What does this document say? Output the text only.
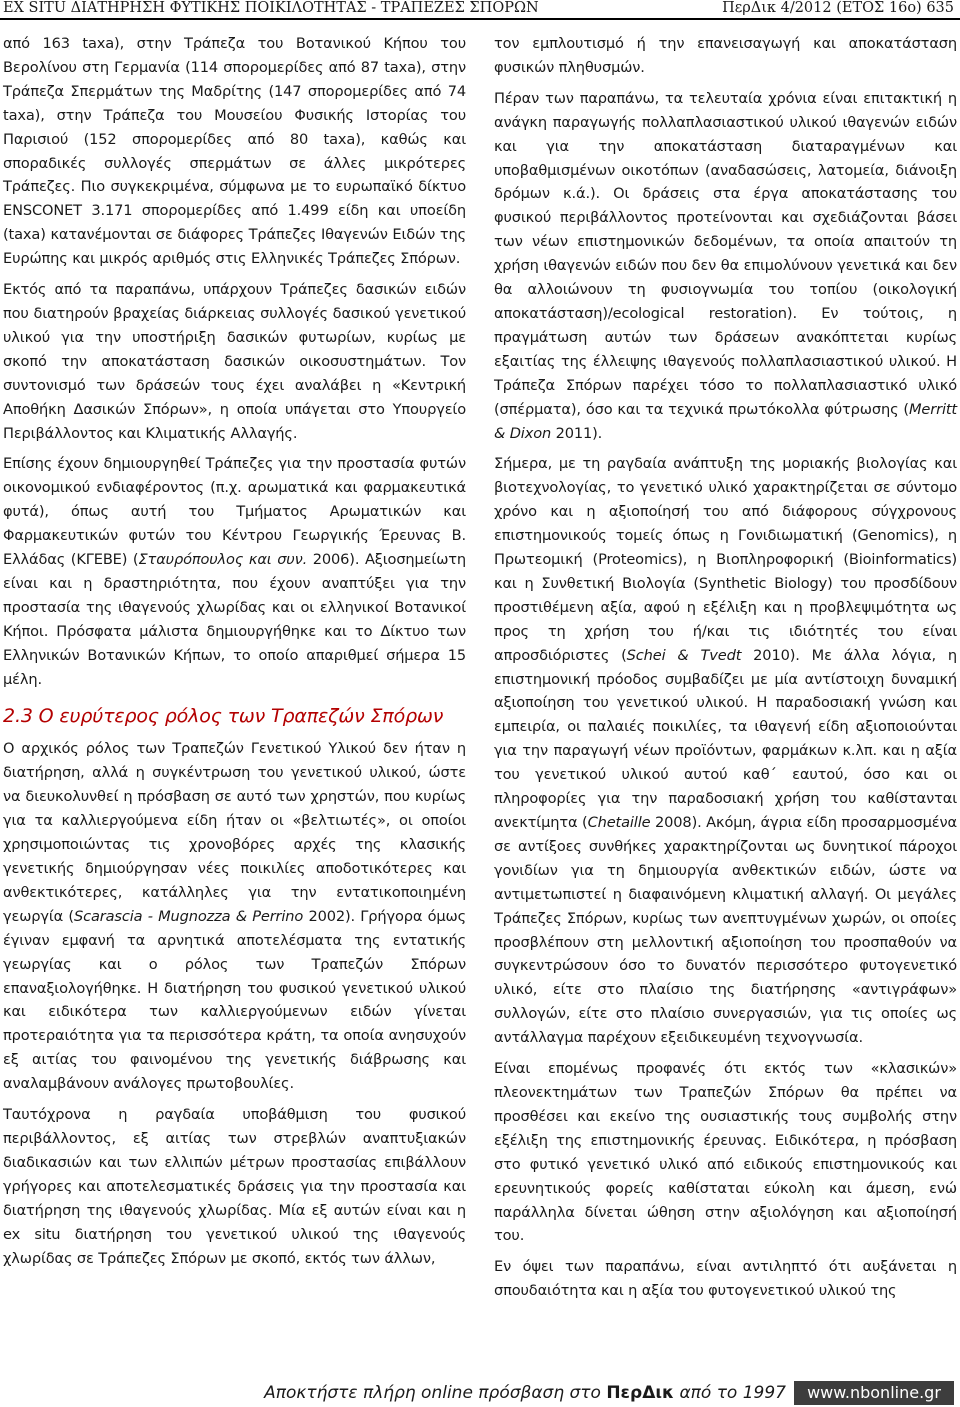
ΕΧ SITU ΔΙΑΤΗΡΗΣΗ ΦΥΤΙΚΗΣ ΠΟΙΚΙΛΟΤΗΤΑΣ - ΤΡΑΠΕΖΕΣ ΣΠΟΡΩΝ	ΠερΔικ 4/2012 (ΕΤΟΣ 16ο) 635

από 163 taxa), στην Τράπεζα του Βοτανικού Κήπου του Βερολίνου στη Γερμανία (114 σπορομερίδες από 87 taxa), στην Τράπεζα Σπερμάτων της Μαδρίτης (147 σπορομερίδες από 74 taxa), στην Τράπεζα του Μουσείου Φυσικής Ιστορίας του Παρισιού (152 σπορομερίδες από 80 taxa), καθώς και σποραδικές συλλογές σπερμάτων σε άλλες μικρότερες Τράπεζες. Πιο συγκεκριμένα, σύμφωνα με το ευρωπαϊκό δίκτυο ENSCONET 3.171 σπορομερίδες από 1.499 είδη και υποείδη (taxa) κατανέμονται σε διάφορες Τράπεζες Ιθαγενών Ειδών της Ευρώπης και μικρός αριθμός στις Ελληνικές Τράπεζες Σπόρων.

Εκτός από τα παραπάνω, υπάρχουν Τράπεζες δασικών ειδών που διατηρούν βραχείας διάρκειας συλλογές δασικού γενετικού υλικού για την υποστήριξη δασικών φυτωρίων, κυρίως με σκοπό την αποκατάσταση δασικών οικοσυστημάτων. Τον συντονισμό των δράσεών τους έχει αναλάβει η «Κεντρική Αποθήκη Δασικών Σπόρων», η οποία υπάγεται στο Υπουργείο Περιβάλλοντος και Κλιματικής Αλλαγής.

Επίσης έχουν δημιουργηθεί Τράπεζες για την προστασία φυτών οικονομικού ενδιαφέροντος (π.χ. αρωματικά και φαρμακευτικά φυτά), όπως αυτή του Τμήματος Αρωματικών και Φαρμακευτικών φυτών του Κέντρου Γεωργικής Έρευνας Β. Ελλάδας (ΚΓΕΒΕ) (Σταυρόπουλος και συν. 2006). Αξιοσημείωτη είναι και η δραστηριότητα, που έχουν αναπτύξει για την προστασία της ιθαγενούς χλωρίδας και οι ελληνικοί Βοτανικοί Κήποι. Πρόσφατα μάλιστα δημιουργήθηκε και το Δίκτυο των Ελληνικών Βοτανικών Κήπων, το οποίο απαριθμεί σήμερα 15 μέλη.

2.3 Ο ευρύτερος ρόλος των Τραπεζών Σπόρων

Ο αρχικός ρόλος των Τραπεζών Γενετικού Υλικού δεν ήταν η διατήρηση, αλλά η συγκέντρωση του γενετικού υλικού, ώστε να διευκολυνθεί η πρόσβαση σε αυτό των χρηστών, που κυρίως για τα καλλιεργούμενα είδη ήταν οι «βελτιωτές», οι οποίοι χρησιμοποιώντας τις χρονοβόρες αρχές της κλασικής γενετικής δημιούργησαν νέες ποικιλίες αποδοτικότερες και ανθεκτικότερες, κατάλληλες για την εντατικοποιημένη γεωργία (Scarascia - Mugnozza & Perrino 2002). Γρήγορα όμως έγιναν εμφανή τα αρνητικά αποτελέσματα της εντατικής γεωργίας και ο ρόλος των Τραπεζών Σπόρων επαναξιολογήθηκε. Η διατήρηση του φυσικού γενετικού υλικού και ειδικότερα των καλλιεργούμενων ειδών γίνεται προτεραιότητα για τα περισσότερα κράτη, τα οποία ανησυχούν εξ αιτίας του φαινομένου της γενετικής διάβρωσης και αναλαμβάνουν ανάλογες πρωτοβουλίες.

Ταυτόχρονα η ραγδαία υποβάθμιση του φυσικού περιβάλλοντος, εξ αιτίας των στρεβλών αναπτυξιακών διαδικασιών και των ελλιπών μέτρων προστασίας επιβάλλουν γρήγορες και αποτελεσματικές δράσεις για την προστασία και διατήρηση της ιθαγενούς χλωρίδας. Μία εξ αυτών είναι και η ex situ διατήρηση του γενετικού υλικού της ιθαγενούς χλωρίδας σε Τράπεζες Σπόρων με σκοπό, εκτός των άλλων,

τον εμπλουτισμό ή την επανεισαγωγή και αποκατάσταση φυσικών πληθυσμών.

Πέραν των παραπάνω, τα τελευταία χρόνια είναι επιτακτική η ανάγκη παραγωγής πολλαπλασιαστικού υλικού ιθαγενών ειδών και για την αποκατάσταση διαταραγμένων και υποβαθμισμένων οικοτόπων (αναδασώσεις, λατομεία, διάνοιξη δρόμων κ.ά.). Οι δράσεις στα έργα αποκατάστασης του φυσικού περιβάλλοντος προτείνονται και σχεδιάζονται βάσει των νέων επιστημονικών δεδομένων, τα οποία απαιτούν τη χρήση ιθαγενών ειδών που δεν θα επιμολύνουν γενετικά και δεν θα αλλοιώνουν τη φυσιογνωμία του τοπίου (οικολογική αποκατάσταση)/ecological restoration). Εν τούτοις, η πραγμάτωση αυτών των δράσεων ανακόπτεται κυρίως εξαιτίας της έλλειψης ιθαγενούς πολλαπλασιαστικού υλικού. Η Τράπεζα Σπόρων παρέχει τόσο το πολλαπλασιαστικό υλικό (σπέρματα), όσο και τα τεχνικά πρωτόκολλα φύτρωσης (Merritt & Dixon 2011).

Σήμερα, με τη ραγδαία ανάπτυξη της μοριακής βιολογίας και βιοτεχνολογίας, το γενετικό υλικό χαρακτηρίζεται σε σύντομο χρόνο και η αξιοποίησή του από διάφορους σύγχρονους επιστημονικούς τομείς όπως η Γονιδιωματική (Genomics), η Πρωτεομική (Proteomics), η Βιοπληροφορική (Bioinformatics) και η Συνθετική Βιολογία (Synthetic Biology) του προσδίδουν προστιθέμενη αξία, αφού η εξέλιξη και η προβλεψιμότητα ως προς τη χρήση του ή/και τις ιδιότητές του είναι απροσδιόριστες (Schei & Tvedt 2010). Με άλλα λόγια, η επιστημονική πρόοδος συμβαδίζει με μία αντίστοιχη δυναμική αξιοποίηση του γενετικού υλικού. Η παραδοσιακή γνώση και εμπειρία, οι παλαιές ποικιλίες, τα ιθαγενή είδη αξιοποιούνται για την παραγωγή νέων προϊόντων, φαρμάκων κ.λπ. και η αξία του γενετικού υλικού αυτού καθ΄ εαυτού, όσο και οι πληροφορίες για την παραδοσιακή χρήση του καθίστανται ανεκτίμητα (Chetaille 2008). Ακόμη, άγρια είδη προσαρμοσμένα σε αντίξοες συνθήκες χαρακτηρίζονται ως δυνητικοί πάροχοι γονιδίων για τη δημιουργία ανθεκτικών ειδών, ώστε να αντιμετωπιστεί η διαφαινόμενη κλιματική αλλαγή. Οι μεγάλες Τράπεζες Σπόρων, κυρίως των ανεπτυγμένων χωρών, οι οποίες προσβλέπουν στη μελλοντική αξιοποίηση του προσπαθούν να συγκεντρώσουν όσο το δυνατόν περισσότερο φυτογενετικό υλικό, είτε στο πλαίσιο της διατήρησης «αντιγράφων» συλλογών, είτε στο πλαίσιο συνεργασιών, για τις οποίες ως αντάλλαγμα παρέχουν εξειδικευμένη τεχνογνωσία.

Είναι επομένως προφανές ότι εκτός των «κλασικών» πλεονεκτημάτων των Τραπεζών Σπόρων θα πρέπει να προσθέσει και εκείνο της ουσιαστικής τους συμβολής στην εξέλιξη της επιστημονικής έρευνας. Ειδικότερα, η πρόσβαση στο φυτικό γενετικό υλικό από ειδικούς επιστημονικούς και ερευνητικούς φορείς καθίσταται εύκολη και άμεση, ενώ παράλληλα δίνεται ώθηση στην αξιολόγηση και αξιοποίησή του.

Εν όψει των παραπάνω, είναι αντιληπτό ότι αυξάνεται η σπουδαιότητα και η αξία του φυτογενετικού υλικού της

Αποκτήστε πλήρη online πρόσβαση στο ΠερΔικ από το 1997	www.nbonline.gr
